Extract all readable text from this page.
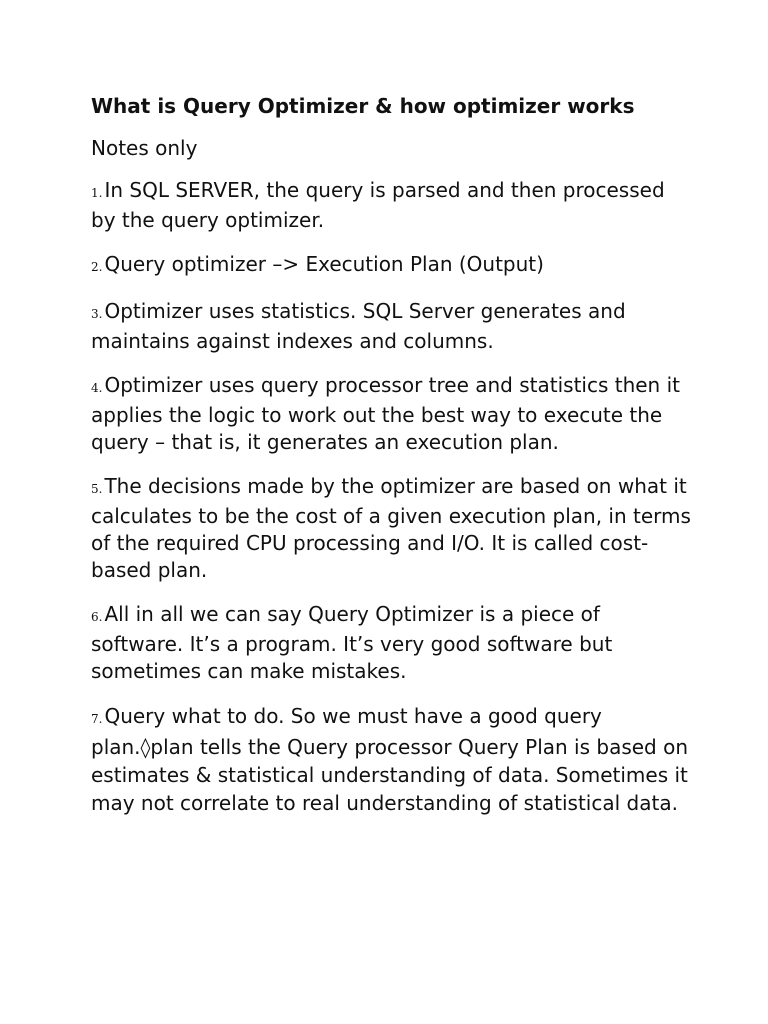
What is Query Optimizer & how optimizer works
Notes only
1. In SQL SERVER, the query is parsed and then processed by the query optimizer.
2. Query optimizer –> Execution Plan (Output)
3. Optimizer uses statistics. SQL Server generates and maintains against indexes and columns.
4. Optimizer uses query processor tree and statistics then it applies the logic to work out the best way to execute the query – that is, it generates an execution plan.
5. The decisions made by the optimizer are based on what it calculates to be the cost of a given execution plan, in terms of the required CPU processing and I/O. It is called cost-based plan.
6. All in all we can say Query Optimizer is a piece of software. It’s a program. It’s very good software but sometimes can make mistakes.
7. Query what to do. So we must have a good query plan.◊plan tells the Query processor Query Plan is based on estimates & statistical understanding of data. Sometimes it may not correlate to real understanding of statistical data.
